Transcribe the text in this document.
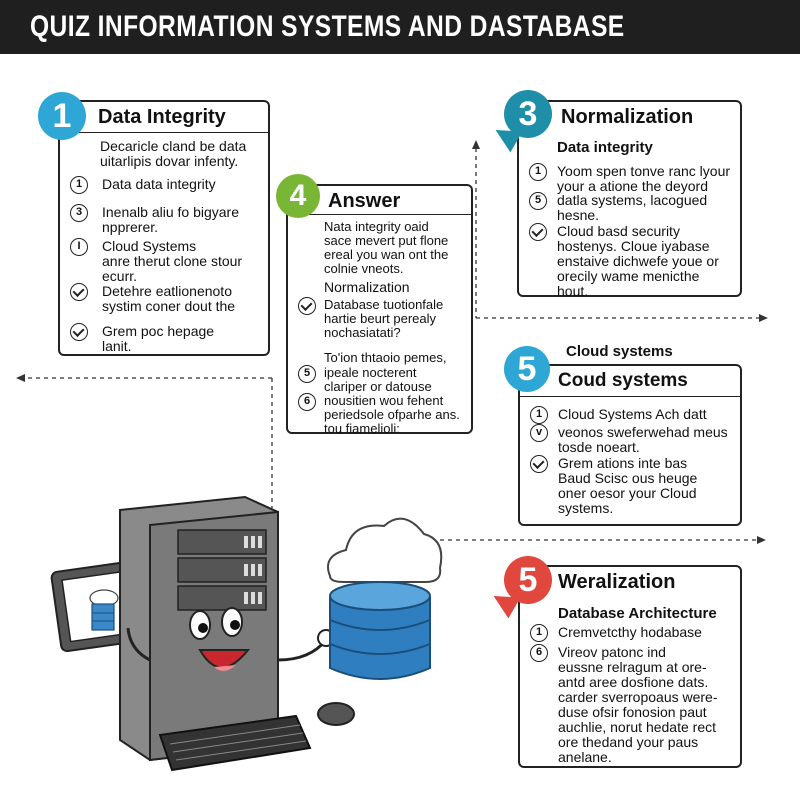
QUIZ INFORMATION SYSTEMS AND DASTABASE
Data Integrity
Decaricle cland be data
uitarlipis dovar infenty.
1	Data data integrity
3	Inenalb aliu fo bigyare
npprerer.
I	Cloud Systems
anre therut clone stour
ecurr.
Detehre eatlionenoto
systim coner dout the
Grem poc hepage
lanit.
1
Answer
Nata integrity oaid
sace mevert put flone
ereal you wan ont the
colnie vneots.
Normalization
Database tuotionfale
hartie beurt perealy
nochasiatati?
To'ion thtaoio pemes,
5	ipeale nocterent
clariper or datouse
6	nousitien wou fehent
periedsole ofparhe ans.
tou fiamelioli:
4
Normalization
Data integrity
1	Yoom spen tonve ranc lyour
your a atione the deyord
5	datla systems, lacogued
hesne.
Cloud basd security
hostenys. Cloue iyabase
enstaive dichwefe youe or
orecily wame menicthe
hout.
3
Cloud systems
Coud systems
1	Cloud Systems Ach datt
v	veonos sweferwehad meus
tosde noeart.
Grem ations inte bas
Baud Scisc ous heuge
oner oesor your Cloud
systems.
5
Weralization
Database Architecture
1	Cremvetcthy hodabase
6	Vireov patonc ind
eussne relragum at ore-
antd aree dosfione dats.
carder sverropoaus were-
duse ofsir fonosion paut
auchlie, norut hedate rect
ore thedand your paus
anelane.
5
